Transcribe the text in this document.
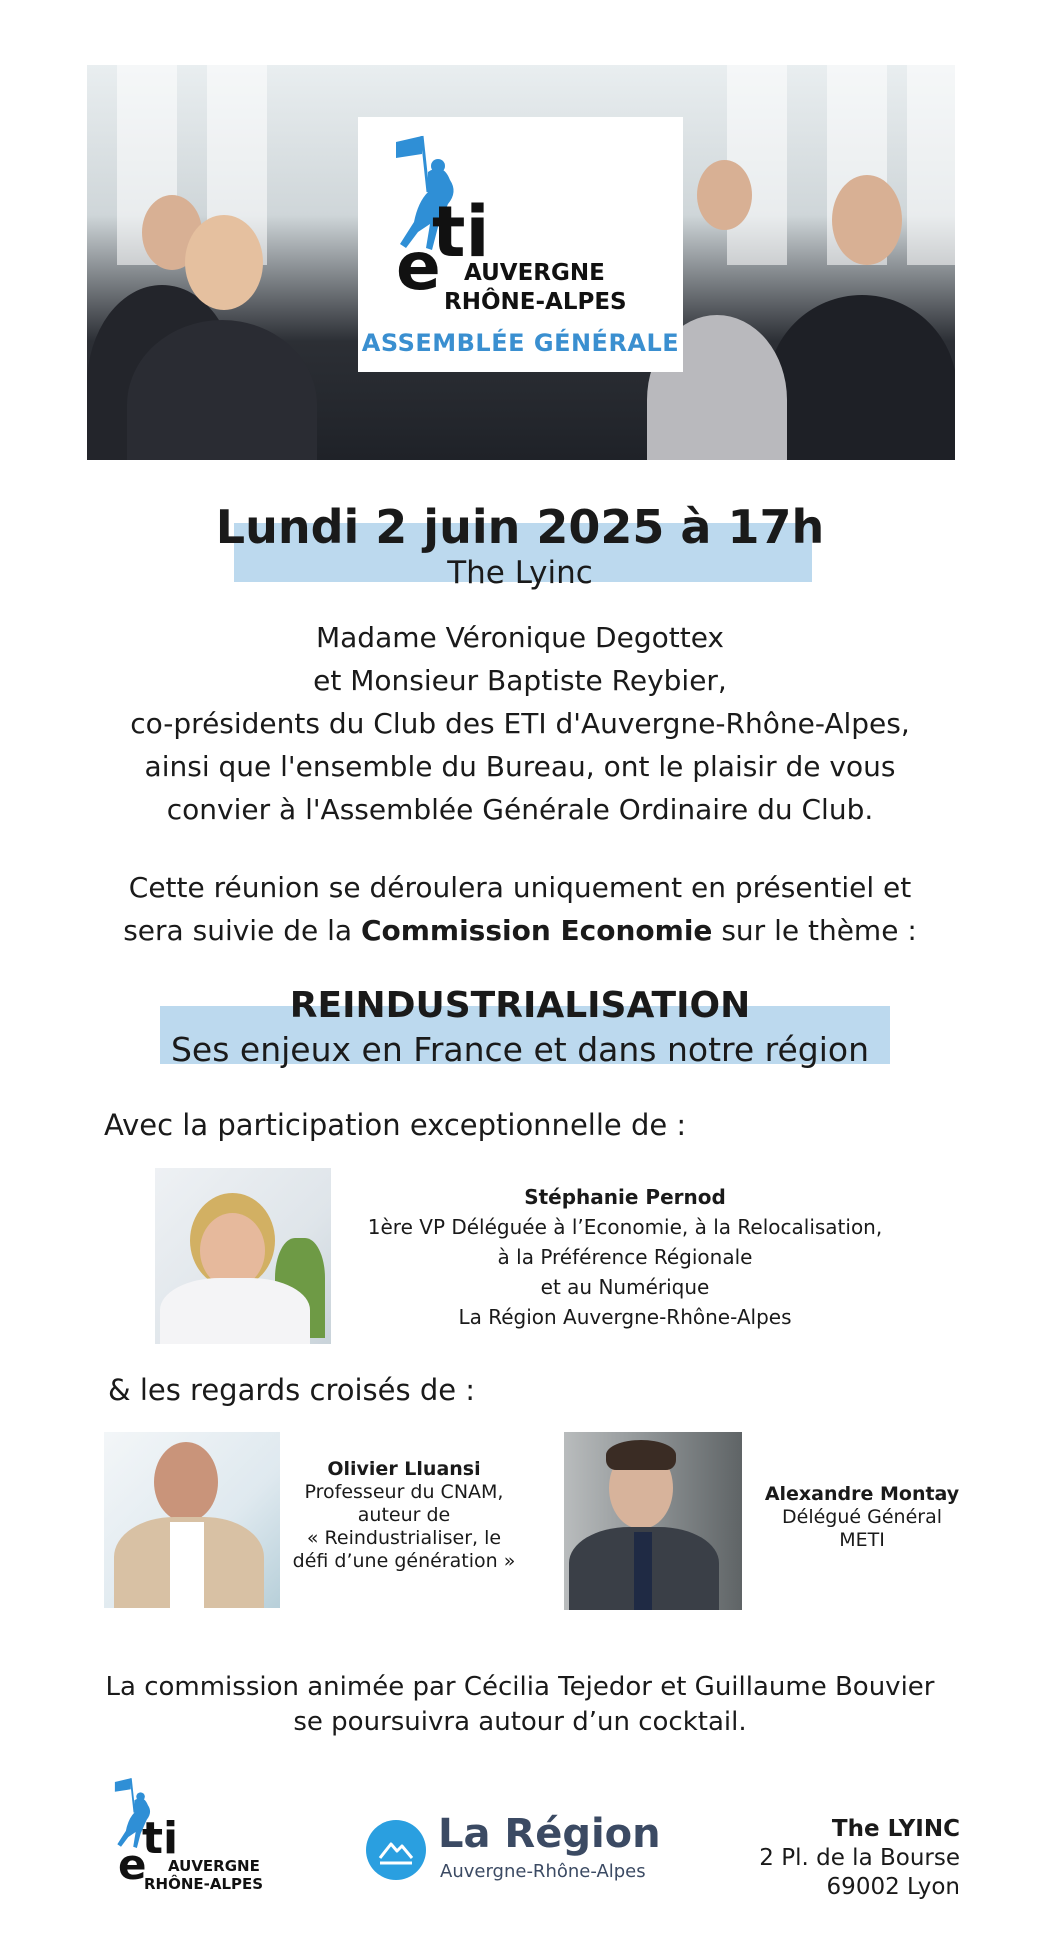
e
ti
AUVERGNE
RHÔNE-ALPES
ASSEMBLÉE GÉNÉRALE
Lundi 2 juin 2025 à 17h
The Lyinc
Madame Véronique Degottex
et Monsieur Baptiste Reybier,
co-présidents du Club des ETI d'Auvergne-Rhône-Alpes,
ainsi que l'ensemble du Bureau, ont le plaisir de vous
convier à l'Assemblée Générale Ordinaire du Club.
Cette réunion se déroulera uniquement en présentiel et
sera suivie de la Commission Economie sur le thème :
REINDUSTRIALISATION
Ses enjeux en France et dans notre région
Avec la participation exceptionnelle de :
Stéphanie Pernod
1ère VP Déléguée à l’Economie, à la Relocalisation,
à la Préférence Régionale
et au Numérique
La Région Auvergne-Rhône-Alpes
& les regards croisés de :
Olivier Lluansi
Professeur du CNAM,
auteur de
« Reindustrialiser, le
défi d’une génération »
Alexandre Montay
Délégué Général
METI
La commission animée par Cécilia Tejedor et Guillaume Bouvier
se poursuivra autour d’un cocktail.
e
ti
AUVERGNE
RHÔNE-ALPES
La Région
Auvergne-Rhône-Alpes
The LYINC
2 Pl. de la Bourse
69002 Lyon
